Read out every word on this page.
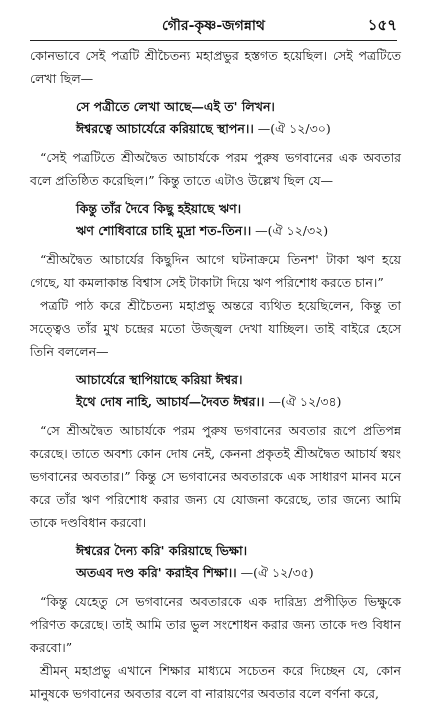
গৌর-কৃষ্ণ-জগন্নাথ	১৫৭

কোনভাবে সেই পত্রটি শ্রীচৈতন্য মহাপ্রভুর হস্তগত হয়েছিল। সেই পত্রটিতে লেখা ছিল—

সে পত্রীতে লেখা আছে—এই ত' লিখন।
ঈশ্বরত্বে আচার্যেরে করিয়াছে স্থাপন।। —(ঐ ১২/৩০)

“সেই পত্রটিতে শ্রীঅদ্বৈত আচার্যকে পরম পুরুষ ভগবানের এক অবতার বলে প্রতিষ্ঠিত করেছিল।” কিন্তু তাতে এটাও উল্লেখ ছিল যে—

কিন্তু তাঁর দৈবে কিছু হইয়াছে ঋণ।
ঋণ শোধিবারে চাহি মুদ্রা শত-তিন।। —(ঐ ১২/৩২)

“শ্রীঅদ্বৈত আচার্যের কিছুদিন আগে ঘটনাক্রমে তিনশ' টাকা ঋণ হয়ে গেছে, যা কমলাকান্ত বিশ্বাস সেই টাকাটা দিয়ে ঋণ পরিশোধ করতে চান।”

পত্রটি পাঠ করে শ্রীচৈতন্য মহাপ্রভু অন্তরে ব্যথিত হয়েছিলেন, কিন্তু তা সত্ত্বেও তাঁর মুখ চন্দ্রের মতো উজ্জ্বল দেখা যাচ্ছিল। তাই বাইরে হেসে তিনি বললেন—

আচার্যেরে স্থাপিয়াছে করিয়া ঈশ্বর।
ইথে দোষ নাহি, আচার্য—দৈবত ঈশ্বর।। —(ঐ ১২/৩৪)

“সে শ্রীঅদ্বৈত আচার্যকে পরম পুরুষ ভগবানের অবতার রূপে প্রতিপন্ন করেছে। তাতে অবশ্য কোন দোষ নেই, কেননা প্রকৃতই শ্রীঅদ্বৈত আচার্য স্বয়ং ভগবানের অবতার।” কিন্তু সে ভগবানের অবতারকে এক সাধারণ মানব মনে করে তাঁর ঋণ পরিশোধ করার জন্য যে যোজনা করেছে, তার জন্যে আমি তাকে দণ্ডবিধান করবো।

ঈশ্বরের দৈন্য করি' করিয়াছে ভিক্ষা।
অতএব দণ্ড করি' করাইব শিক্ষা।। —(ঐ ১২/৩৫)

“কিন্তু যেহেতু সে ভগবানের অবতারকে এক দারিদ্র্য প্রপীড়িত ভিক্ষুকে পরিণত করেছে। তাই আমি তার ভুল সংশোধন করার জন্য তাকে দণ্ড বিধান করবো।”

শ্রীমন্ মহাপ্রভু এখানে শিক্ষার মাধ্যমে সচেতন করে দিচ্ছেন যে, কোন মানুষকে ভগবানের অবতার বলে বা নারায়ণের অবতার বলে বর্ণনা করে,
